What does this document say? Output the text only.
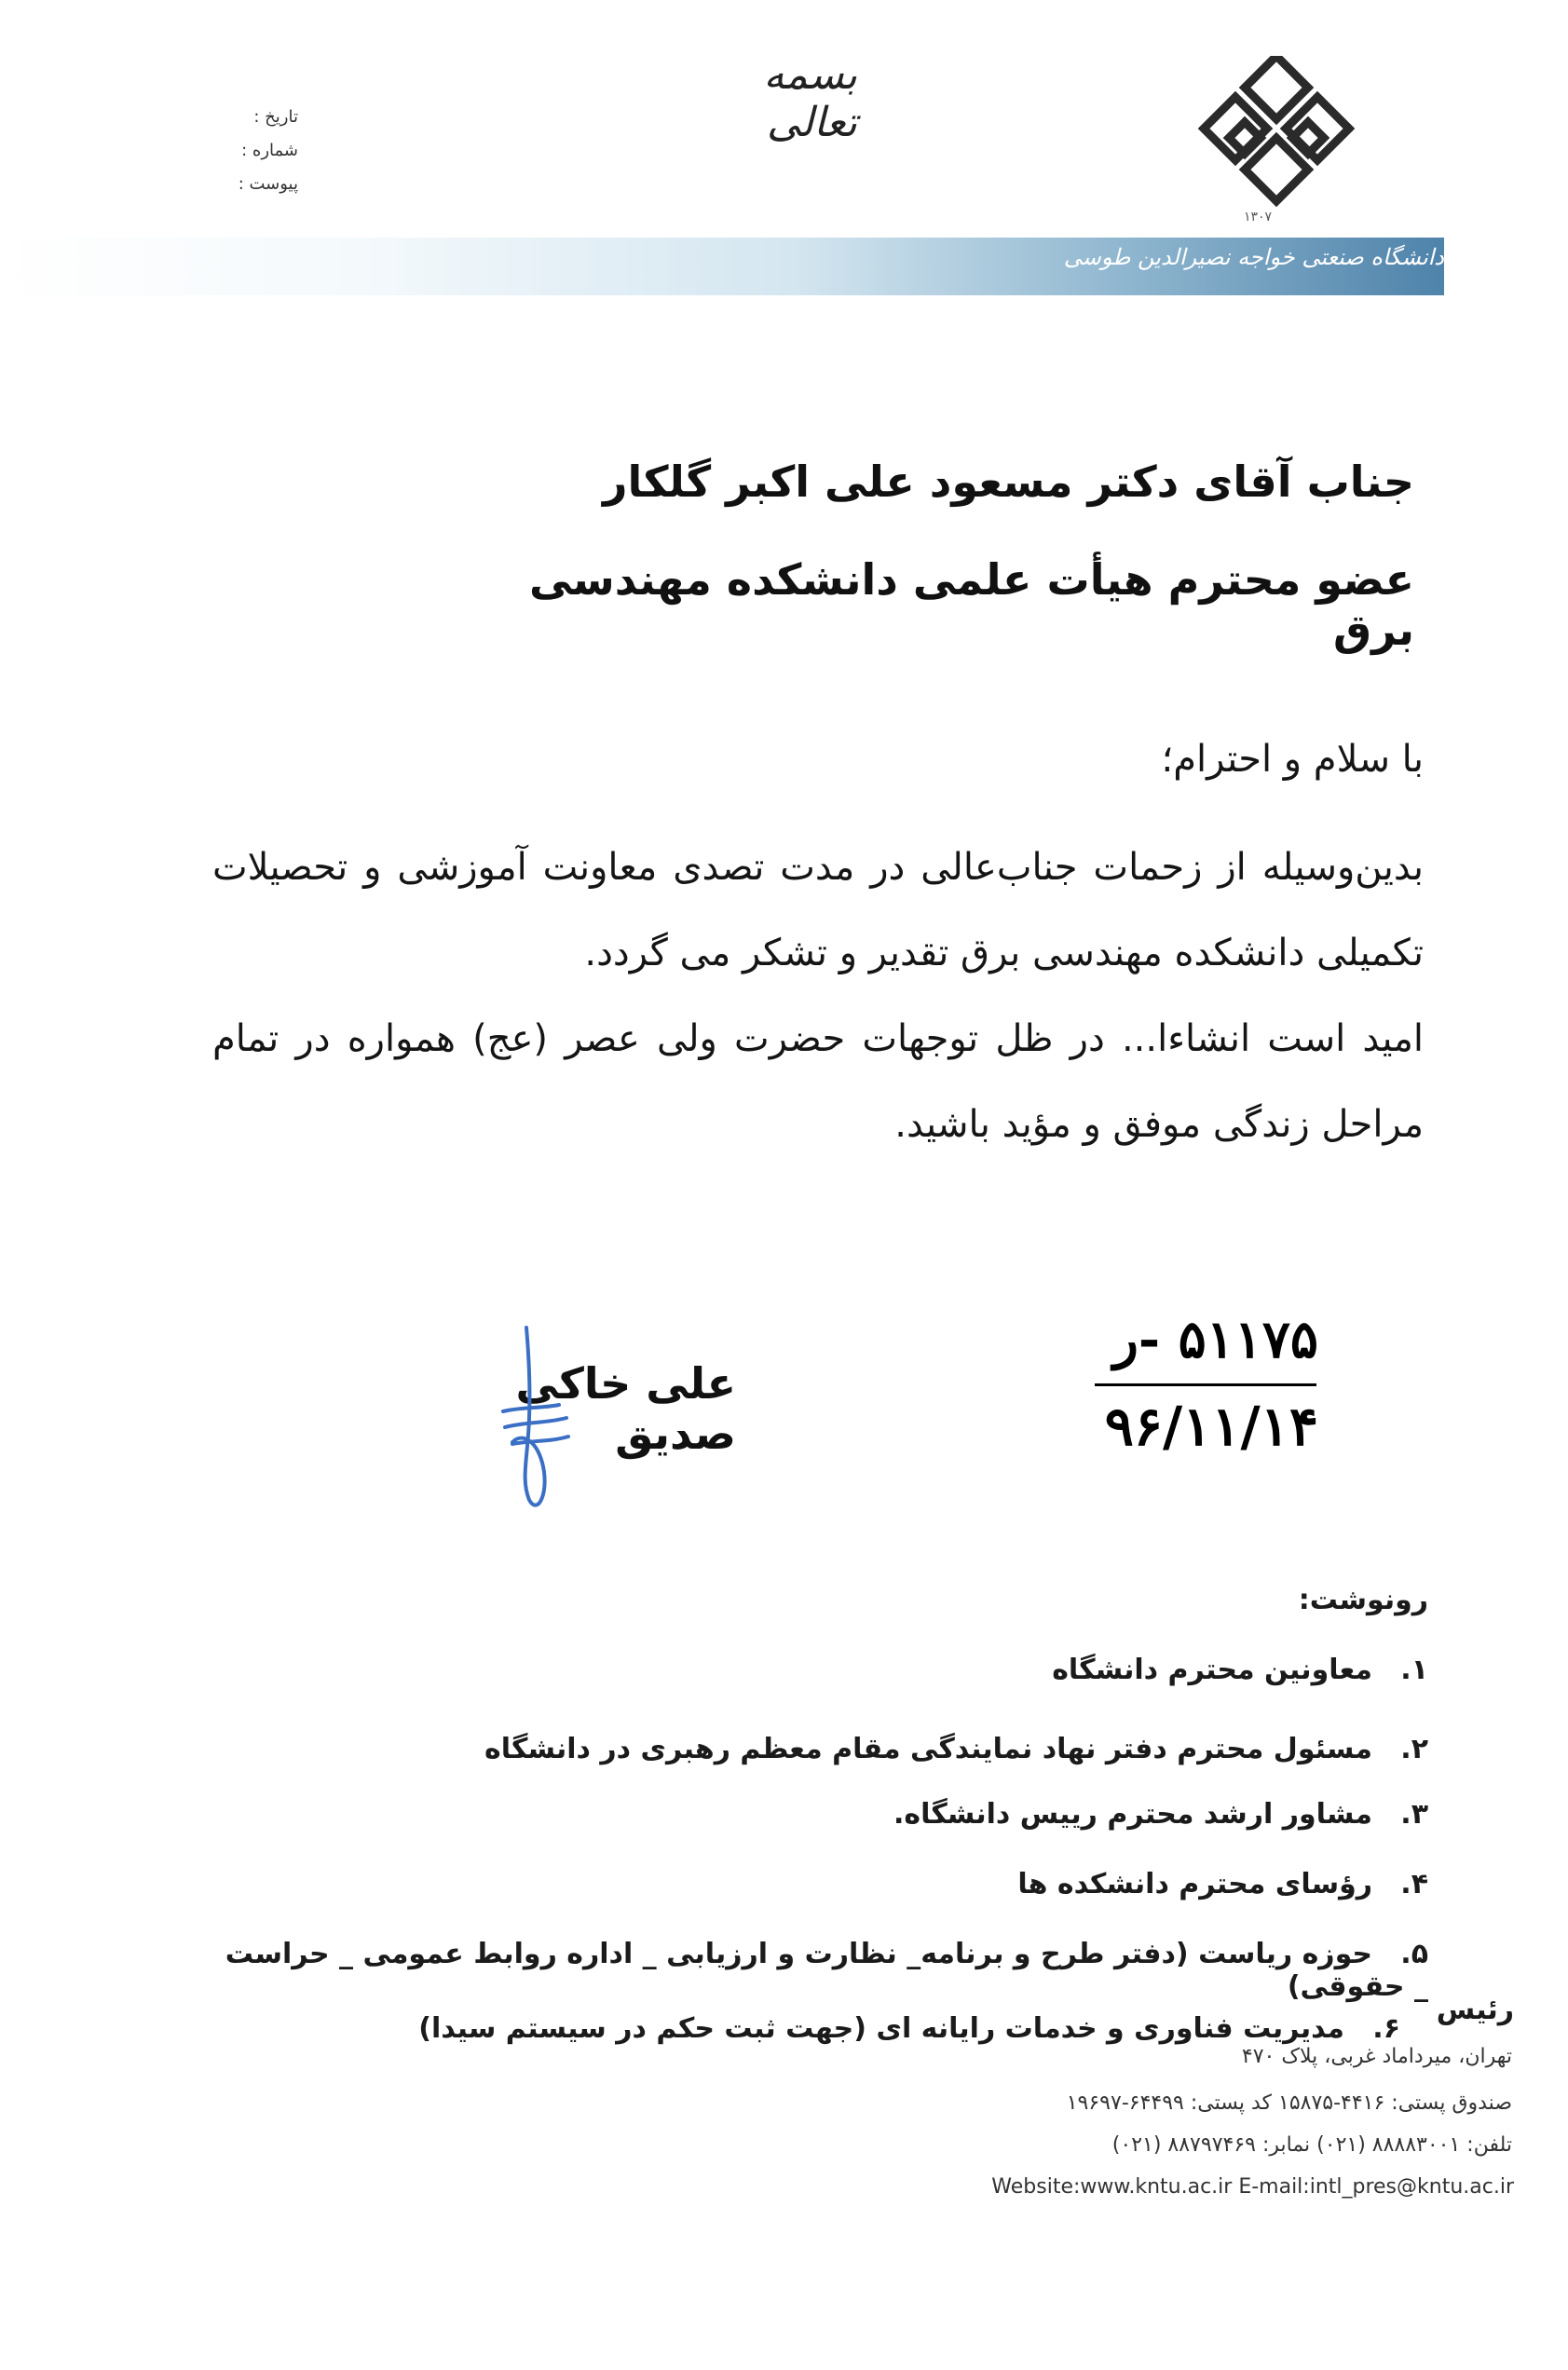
تاریخ :
شماره :
پیوست :
بسمه تعالی
۱۳۰۷
دانشگاه صنعتی خواجه نصیرالدین طوسی
جناب آقای دکتر مسعود علی اکبر گلکار
عضو محترم هیأت علمی دانشکده مهندسی برق
با سلام و احترام؛
بدین‌وسیله از زحمات جناب‌عالی در مدت تصدی معاونت آموزشی و تحصیلات تکمیلی دانشکده مهندسی برق تقدیر و تشکر می گردد.
امید است انشاءا... در ظل توجهات حضرت ولی عصر (عج) همواره در تمام مراحل زندگی موفق و مؤید باشید.
۵۱۱۷۵ -ر
۹۶/۱۱/۱۴
علی خاکی صدیق
رونوشت:
۱.معاونین محترم دانشگاه
۲.مسئول محترم دفتر نهاد نمایندگی مقام معظم رهبری در دانشگاه
۳.مشاور ارشد محترم رییس دانشگاه.
۴.رؤسای محترم دانشکده ها
۵.حوزه ریاست (دفتر طرح و برنامه_ نظارت و ارزیابی _ اداره روابط عمومی _ حراست _ حقوقی)
۶.مدیریت فناوری و خدمات رایانه ای (جهت ثبت حکم در سیستم سیدا)
رئیس
تهران، میرداماد غربی، پلاک ۴۷۰
صندوق پستی: ۴۴۱۶-۱۵۸۷۵ کد پستی: ۶۴۴۹۹-۱۹۶۹۷
تلفن: ۸۸۸۸۳۰۰۱ (۰۲۱) نمابر: ۸۸۷۹۷۴۶۹ (۰۲۱)
Website:www.kntu.ac.ir E-mail:intl_pres@kntu.ac.ir
